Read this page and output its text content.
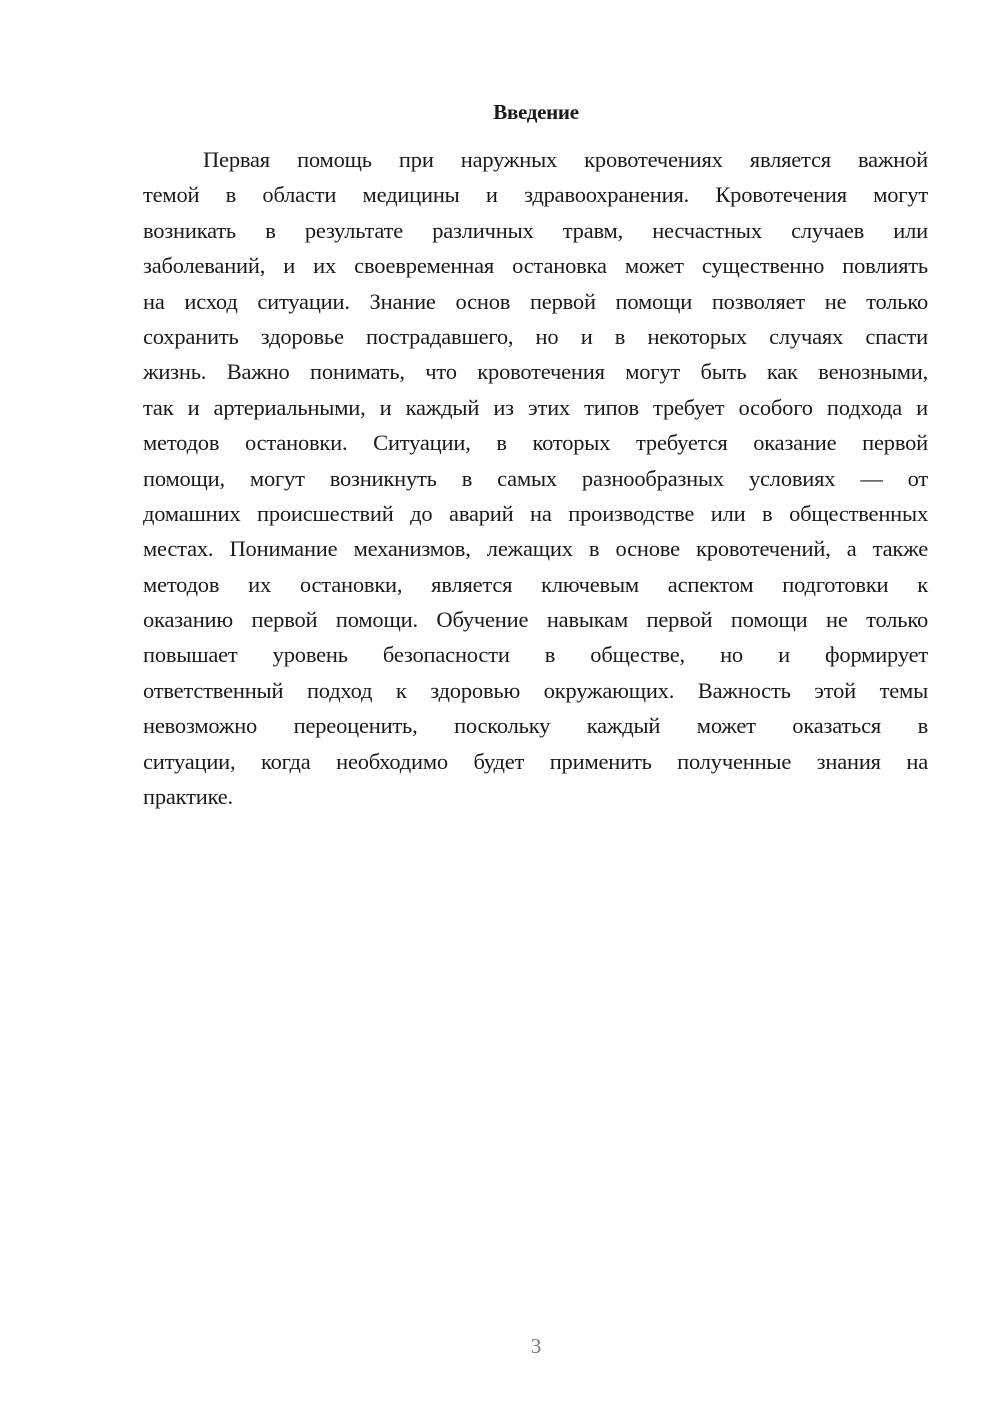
Введение
Первая помощь при наружных кровотечениях является важной
темой в области медицины и здравоохранения. Кровотечения могут
возникать в результате различных травм, несчастных случаев или
заболеваний, и их своевременная остановка может существенно повлиять
на исход ситуации. Знание основ первой помощи позволяет не только
сохранить здоровье пострадавшего, но и в некоторых случаях спасти
жизнь. Важно понимать, что кровотечения могут быть как венозными,
так и артериальными, и каждый из этих типов требует особого подхода и
методов остановки. Ситуации, в которых требуется оказание первой
помощи, могут возникнуть в самых разнообразных условиях — от
домашних происшествий до аварий на производстве или в общественных
местах. Понимание механизмов, лежащих в основе кровотечений, а также
методов их остановки, является ключевым аспектом подготовки к
оказанию первой помощи. Обучение навыкам первой помощи не только
повышает уровень безопасности в обществе, но и формирует
ответственный подход к здоровью окружающих. Важность этой темы
невозможно переоценить, поскольку каждый может оказаться в
ситуации, когда необходимо будет применить полученные знания на
практике.
3
